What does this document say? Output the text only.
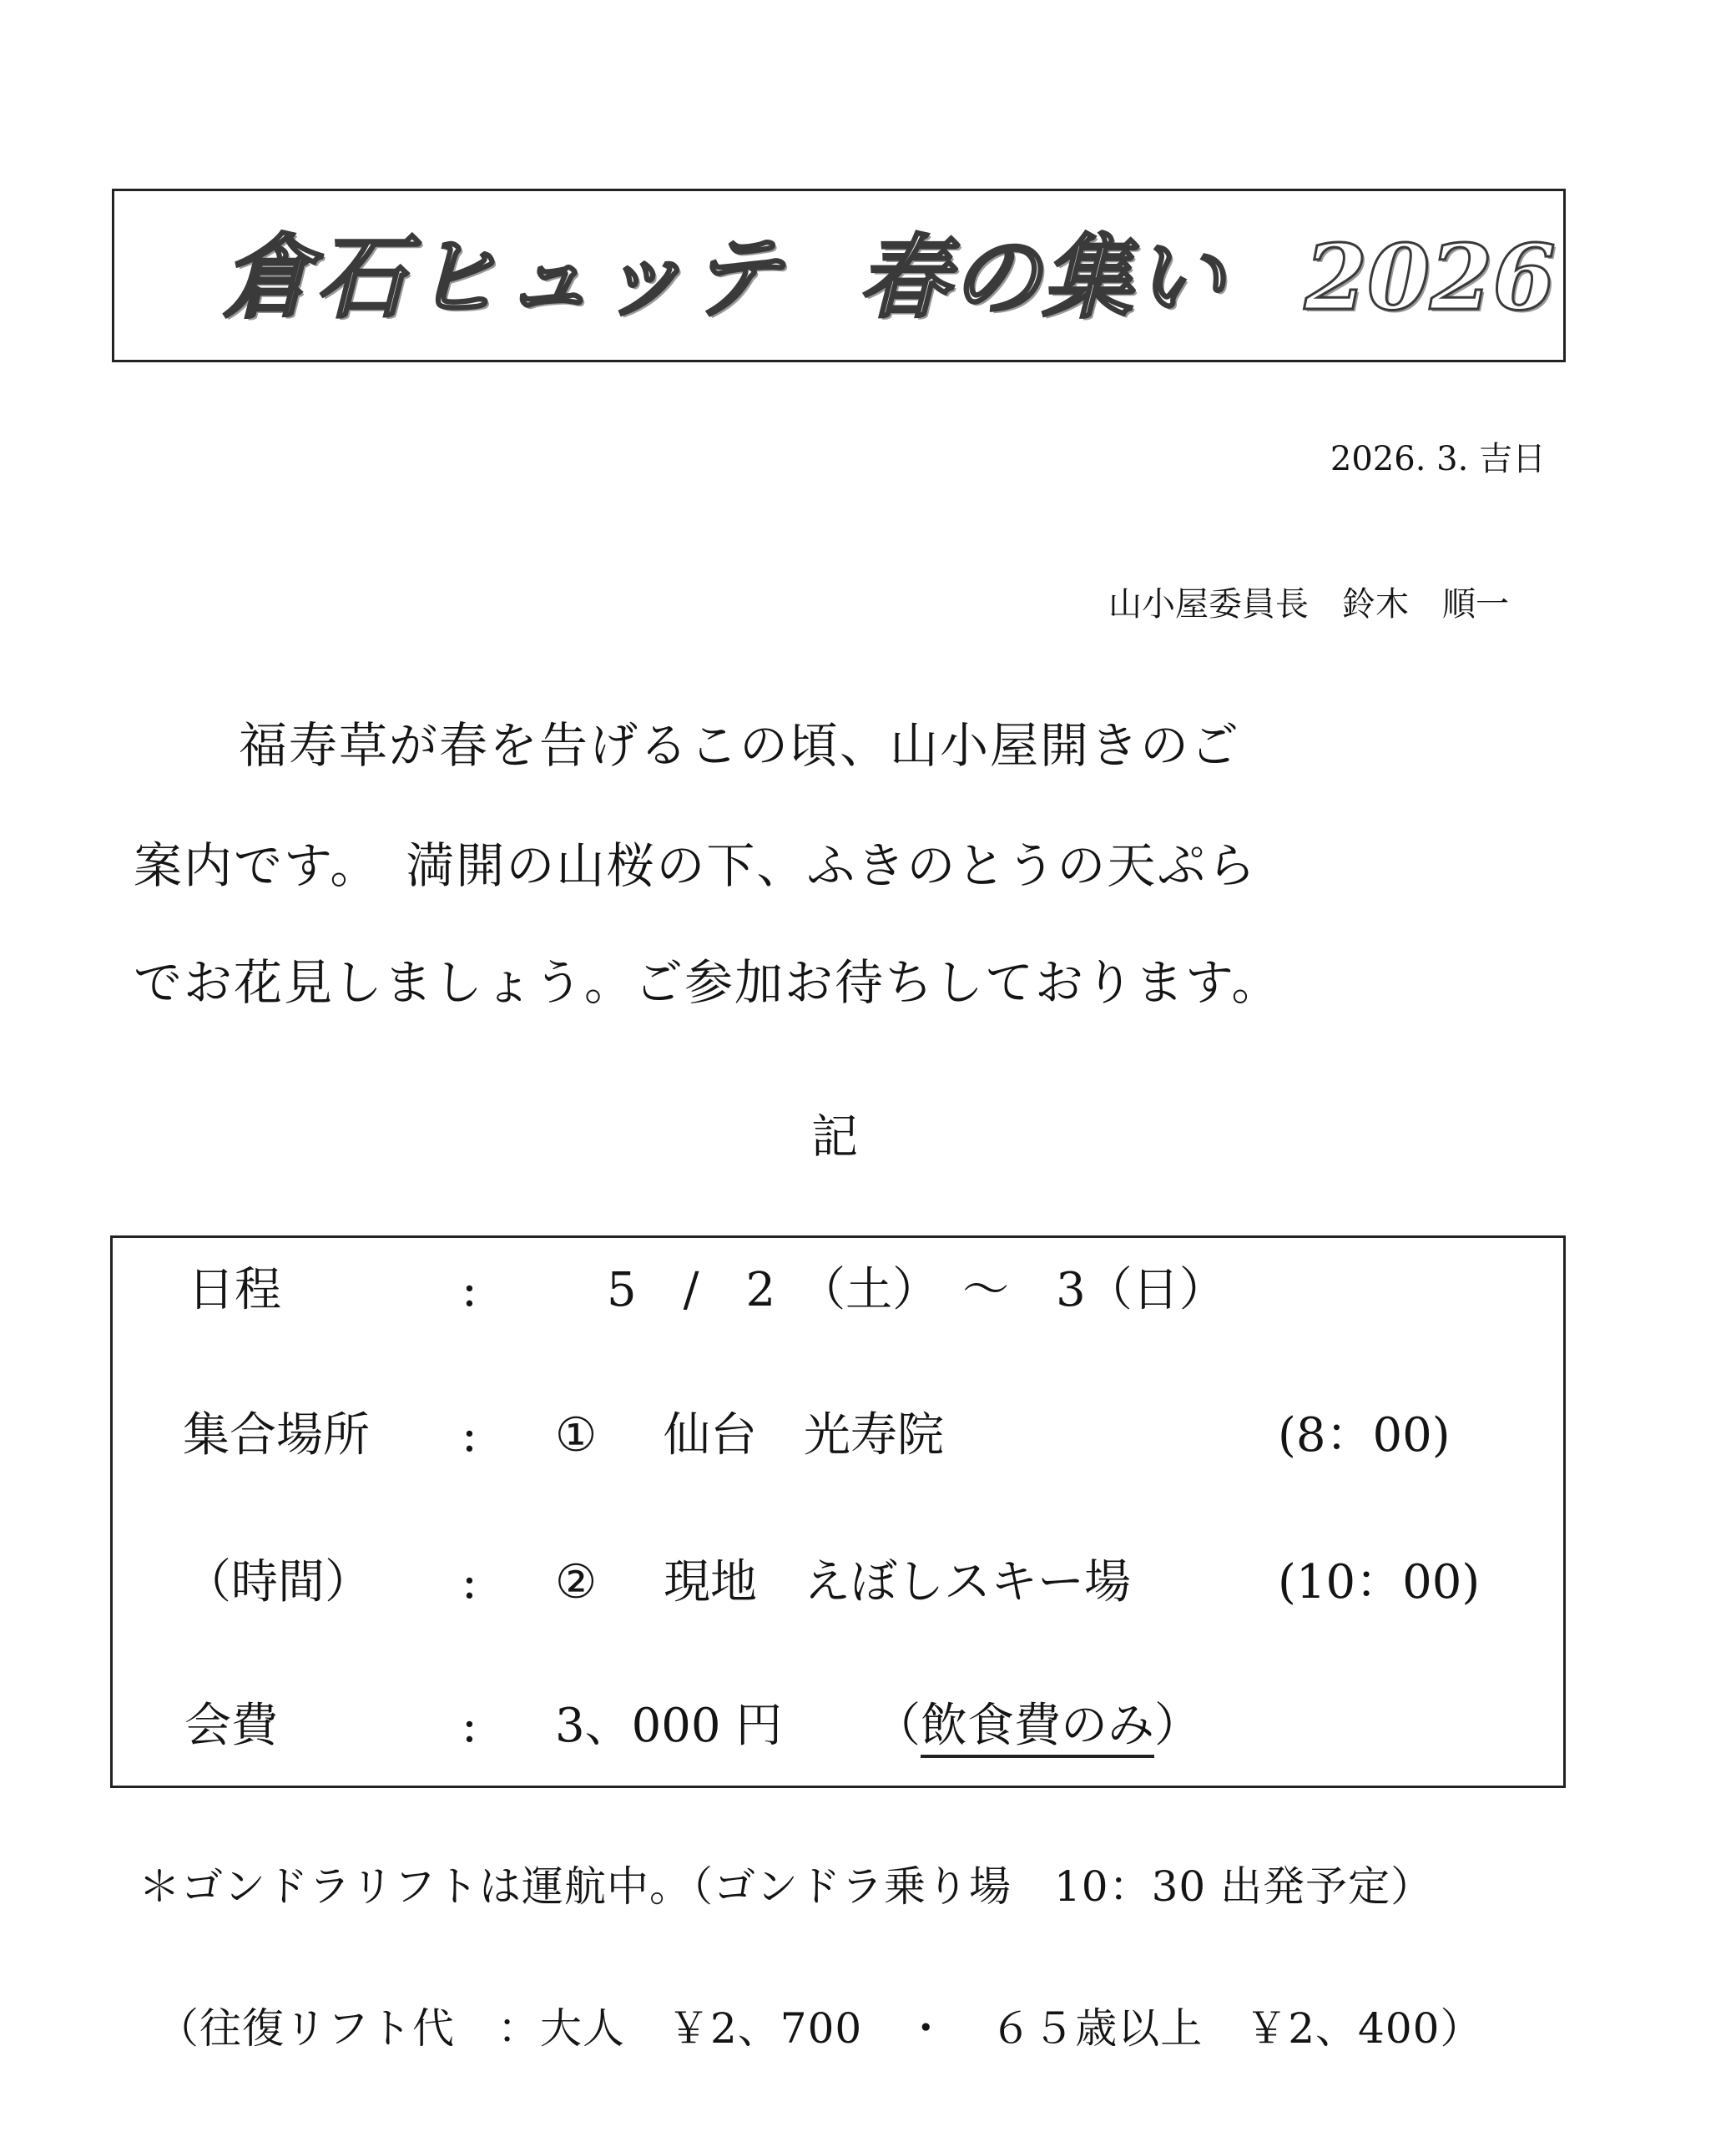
倉石ヒュッテ 春の集い 2026
2026. 3. 吉日
山小屋委員長　鈴木　順一
福寿草が春を告げるこの頃、山小屋開きのご
案内です。　満開の山桜の下、ふきのとうの天ぷら
でお花見しましょう。ご参加お待ちしております。
記
日程	:	5　/　2　（土）　～　3（日）
集合場所 : ① 仙台　光寿院	(8：00)
（時間） : ② 現地　えぼしスキー場	(10：00)
会費	: 3、000 円 （飲食費のみ）
＊ゴンドラリフトは運航中。（ゴンドラ乗り場　10：30 出発予定）
（往復リフト代　：大人　￥2、700　・　６５歳以上　￥2、400）
